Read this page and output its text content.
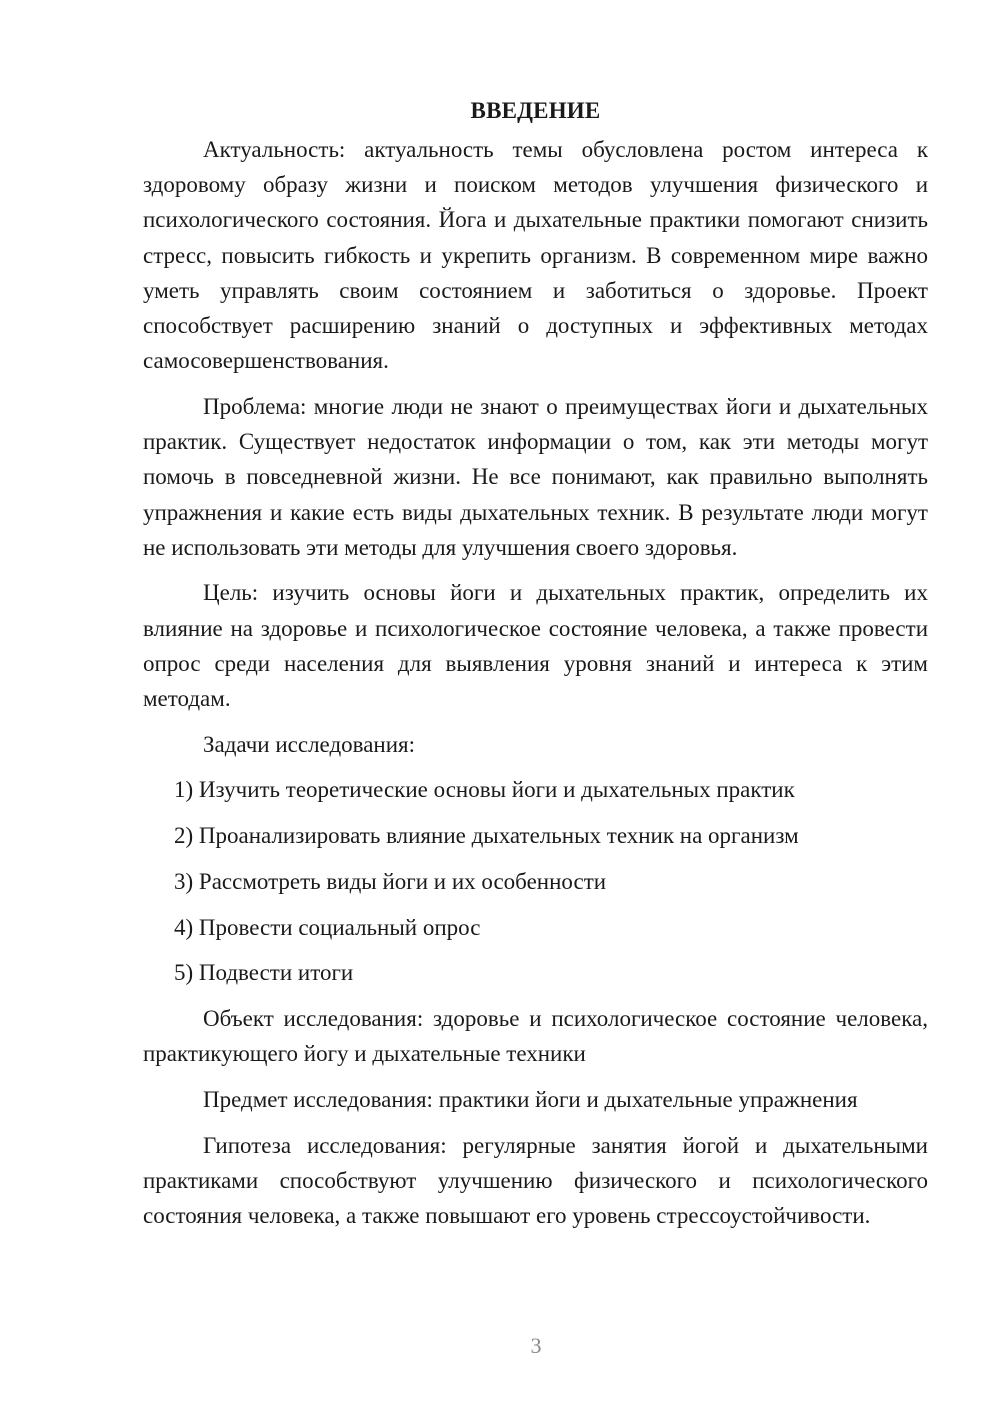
ВВЕДЕНИЕ

Актуальность: актуальность темы обусловлена ростом интереса к здоровому образу жизни и поиском методов улучшения физического и психологического состояния. Йога и дыхательные практики помогают снизить стресс, повысить гибкость и укрепить организм. В современном мире важно уметь управлять своим состоянием и заботиться о здоровье. Проект способствует расширению знаний о доступных и эффективных методах самосовершенствования.

Проблема: многие люди не знают о преимуществах йоги и дыхательных практик. Существует недостаток информации о том, как эти методы могут помочь в повседневной жизни. Не все понимают, как правильно выполнять упражнения и какие есть виды дыхательных техник. В результате люди могут не использовать эти методы для улучшения своего здоровья.

Цель: изучить основы йоги и дыхательных практик, определить их влияние на здоровье и психологическое состояние человека, а также провести опрос среди населения для выявления уровня знаний и интереса к этим методам.

Задачи исследования:

1) Изучить теоретические основы йоги и дыхательных практик
2) Проанализировать влияние дыхательных техник на организм
3) Рассмотреть виды йоги и их особенности
4) Провести социальный опрос
5) Подвести итоги

Объект исследования: здоровье и психологическое состояние человека, практикующего йогу и дыхательные техники

Предмет исследования: практики йоги и дыхательные упражнения

Гипотеза исследования: регулярные занятия йогой и дыхательными практиками способствуют улучшению физического и психологического состояния человека, а также повышают его уровень стрессоустойчивости.

3
